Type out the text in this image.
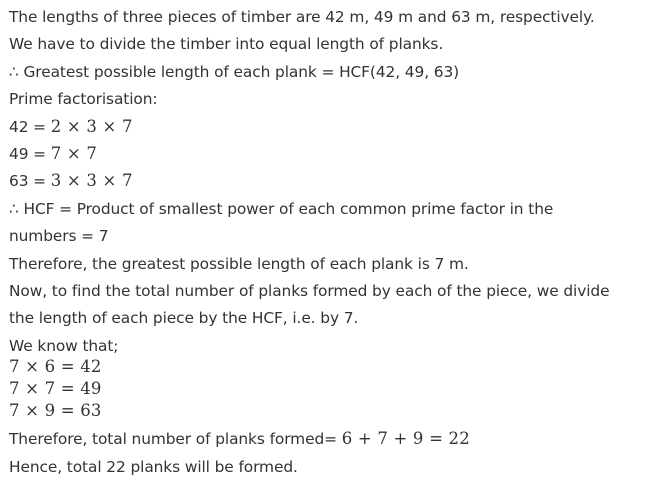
The lengths of three pieces of timber are 42 m, 49 m and 63 m, respectively.
We have to divide the timber into equal length of planks.
∴ Greatest possible length of each plank = HCF(42, 49, 63)
Prime factorisation:
42 = 2 × 3 × 7
49 = 7 × 7
63 = 3 × 3 × 7
∴ HCF = Product of smallest power of each common prime factor in the
numbers = 7
Therefore, the greatest possible length of each plank is 7 m.
Now, to find the total number of planks formed by each of the piece, we divide
the length of each piece by the HCF, i.e. by 7.
We know that;
7 × 6 = 42
7 × 7 = 49
7 × 9 = 63
Therefore, total number of planks formed= 6 + 7 + 9 = 22
Hence, total 22 planks will be formed.
